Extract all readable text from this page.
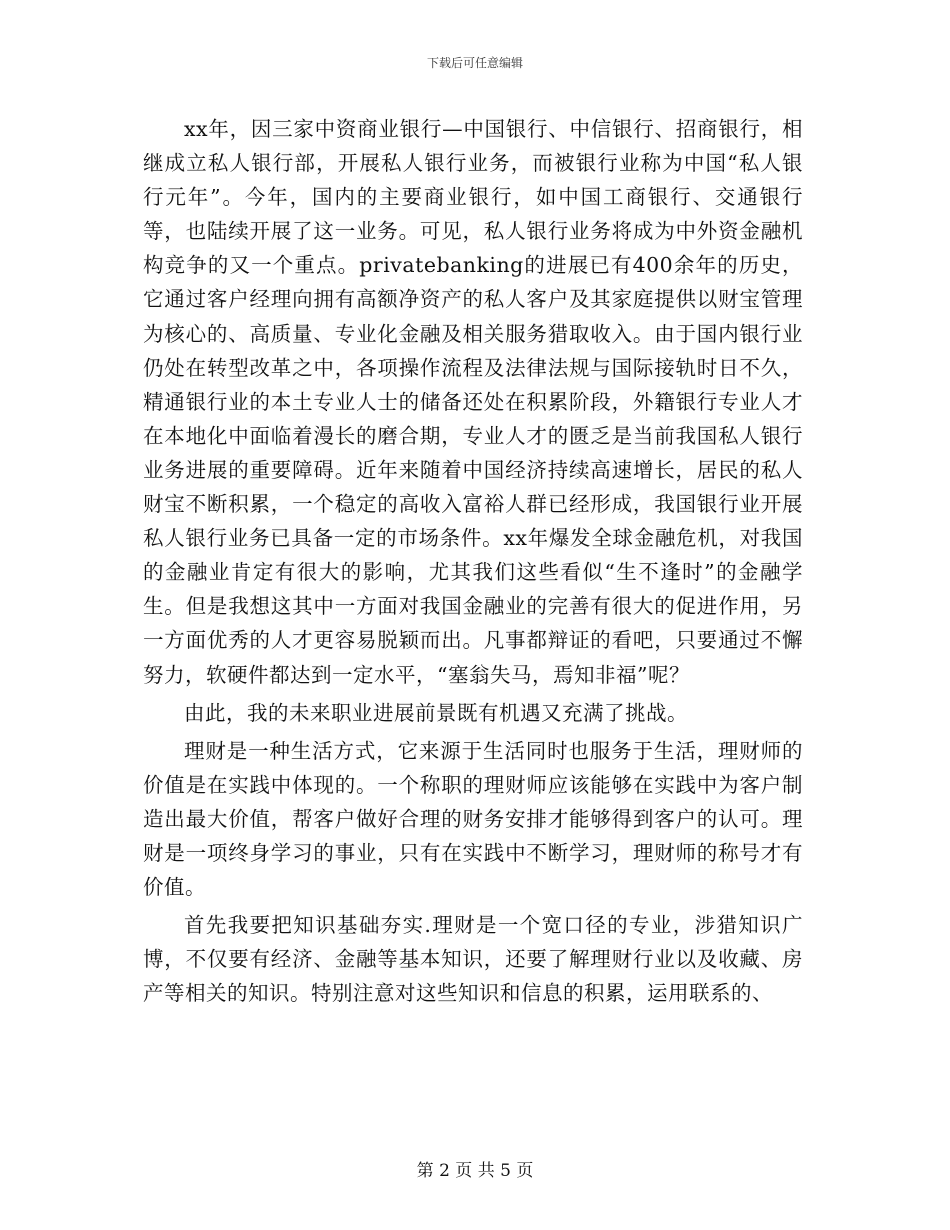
下载后可任意编辑

xx年，因三家中资商业银行—中国银行、中信银行、招商银行，相继成立私人银行部，开展私人银行业务，而被银行业称为中国“私人银行元年”。今年，国内的主要商业银行，如中国工商银行、交通银行等，也陆续开展了这一业务。可见，私人银行业务将成为中外资金融机构竞争的又一个重点。privatebanking的进展已有400余年的历史，它通过客户经理向拥有高额净资产的私人客户及其家庭提供以财宝管理为核心的、高质量、专业化金融及相关服务猎取收入。由于国内银行业仍处在转型改革之中，各项操作流程及法律法规与国际接轨时日不久，精通银行业的本土专业人士的储备还处在积累阶段，外籍银行专业人才在本地化中面临着漫长的磨合期，专业人才的匮乏是当前我国私人银行业务进展的重要障碍。近年来随着中国经济持续高速增长，居民的私人财宝不断积累，一个稳定的高收入富裕人群已经形成，我国银行业开展私人银行业务已具备一定的市场条件。xx年爆发全球金融危机，对我国的金融业肯定有很大的影响，尤其我们这些看似“生不逢时”的金融学生。但是我想这其中一方面对我国金融业的完善有很大的促进作用，另一方面优秀的人才更容易脱颖而出。凡事都辩证的看吧，只要通过不懈努力，软硬件都达到一定水平，“塞翁失马，焉知非福”呢？

由此，我的未来职业进展前景既有机遇又充满了挑战。

理财是一种生活方式，它来源于生活同时也服务于生活，理财师的价值是在实践中体现的。一个称职的理财师应该能够在实践中为客户制造出最大价值，帮客户做好合理的财务安排才能够得到客户的认可。理财是一项终身学习的事业，只有在实践中不断学习，理财师的称号才有价值。

首先我要把知识基础夯实.理财是一个宽口径的专业，涉猎知识广博，不仅要有经济、金融等基本知识，还要了解理财行业以及收藏、房产等相关的知识。特别注意对这些知识和信息的积累，运用联系的、

第 2 页 共 5 页
